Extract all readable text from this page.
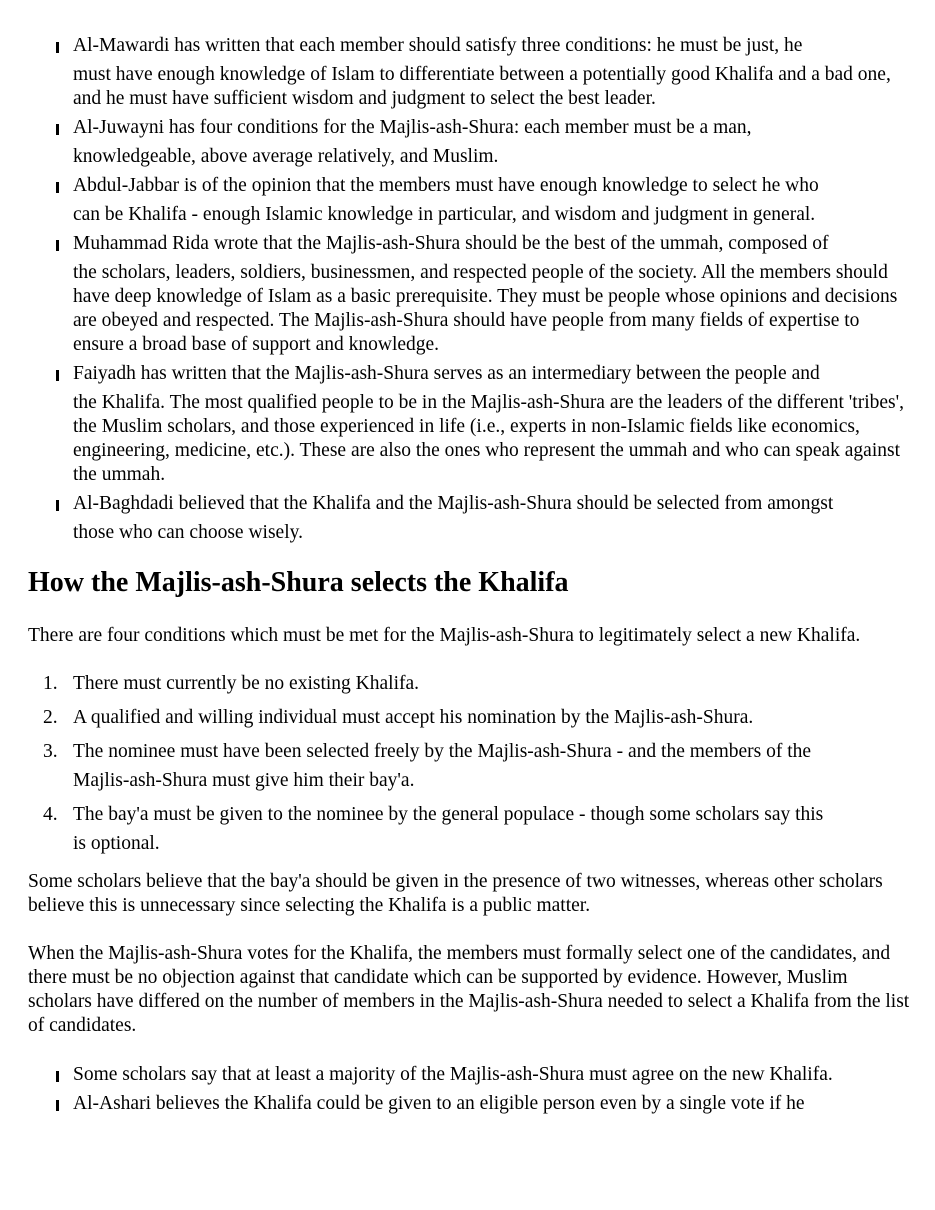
Al-Mawardi has written that each member should satisfy three conditions: he must be just, he
must have enough knowledge of Islam to differentiate between a potentially good Khalifa and a bad one, and he must have sufficient wisdom and judgment to select the best leader.
Al-Juwayni has four conditions for the Majlis-ash-Shura: each member must be a man,
knowledgeable, above average relatively, and Muslim.
Abdul-Jabbar is of the opinion that the members must have enough knowledge to select he who
can be Khalifa - enough Islamic knowledge in particular, and wisdom and judgment in general.
Muhammad Rida wrote that the Majlis-ash-Shura should be the best of the ummah, composed of
the scholars, leaders, soldiers, businessmen, and respected people of the society. All the members should have deep knowledge of Islam as a basic prerequisite. They must be people whose opinions and decisions are obeyed and respected. The Majlis-ash-Shura should have people from many fields of expertise to ensure a broad base of support and knowledge.
Faiyadh has written that the Majlis-ash-Shura serves as an intermediary between the people and
the Khalifa. The most qualified people to be in the Majlis-ash-Shura are the leaders of the different 'tribes', the Muslim scholars, and those experienced in life (i.e., experts in non-Islamic fields like economics, engineering, medicine, etc.). These are also the ones who represent the ummah and who can speak against the ummah.
Al-Baghdadi believed that the Khalifa and the Majlis-ash-Shura should be selected from amongst
those who can choose wisely.
How the Majlis-ash-Shura selects the Khalifa

There are four conditions which must be met for the Majlis-ash-Shura to legitimately select a new Khalifa.

1. There must currently be no existing Khalifa.
2. A qualified and willing individual must accept his nomination by the Majlis-ash-Shura.
3. The nominee must have been selected freely by the Majlis-ash-Shura - and the members of the
Majlis-ash-Shura must give him their bay'a.
4. The bay'a must be given to the nominee by the general populace - though some scholars say this
is optional.

Some scholars believe that the bay'a should be given in the presence of two witnesses, whereas other scholars believe this is unnecessary since selecting the Khalifa is a public matter.

When the Majlis-ash-Shura votes for the Khalifa, the members must formally select one of the candidates, and there must be no objection against that candidate which can be supported by evidence. However, Muslim scholars have differed on the number of members in the Majlis-ash-Shura needed to select a Khalifa from the list of candidates.

Some scholars say that at least a majority of the Majlis-ash-Shura must agree on the new Khalifa.
Al-Ashari believes the Khalifa could be given to an eligible person even by a single vote if he
